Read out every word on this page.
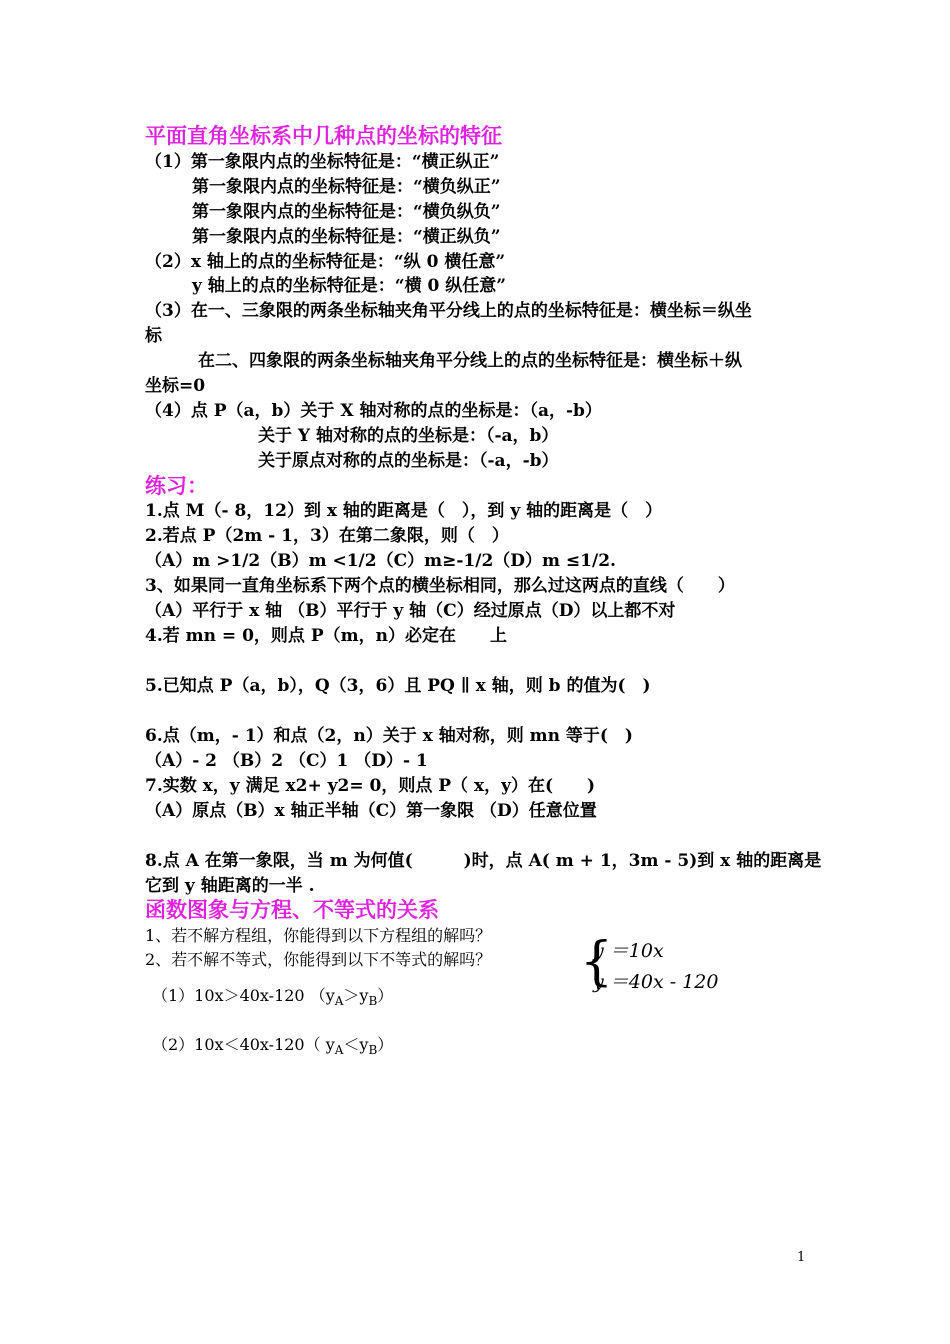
平面直角坐标系中几种点的坐标的特征
（1）第一象限内点的坐标特征是：“横正纵正”
第一象限内点的坐标特征是：“横负纵正”
第一象限内点的坐标特征是：“横负纵负”
第一象限内点的坐标特征是：“横正纵负”
（2）x 轴上的点的坐标特征是：“纵 0 横任意”
y 轴上的点的坐标特征是：“横 0 纵任意”
（3）在一、三象限的两条坐标轴夹角平分线上的点的坐标特征是：横坐标＝纵坐
标
在二、四象限的两条坐标轴夹角平分线上的点的坐标特征是：横坐标＋纵
坐标=0
（4）点 P（a，b）关于 X 轴对称的点的坐标是：（a，-b）
关于 Y 轴对称的点的坐标是：（-a，b）
关于原点对称的点的坐标是：（-a，-b）
练习：
1.点 M（- 8，12）到 x 轴的距离是（　），到 y 轴的距离是（　）
2.若点 P（2m - 1，3）在第二象限，则（　）
（A）m >1/2（B）m <1/2（C）m≥-1/2（D）m ≤1/2.
3、如果同一直角坐标系下两个点的横坐标相同，那么过这两点的直线（　　）
（A）平行于 x 轴 （B）平行于 y 轴（C）经过原点（D）以上都不对
4.若 mn = 0，则点 P（m，n）必定在　　上
5.已知点 P（a，b），Q（3，6）且 PQ ∥ x 轴，则 b 的值为(　)
6.点（m，- 1）和点（2，n）关于 x 轴对称，则 mn 等于(　)
（A）- 2 （B）2 （C）1 （D）- 1
7.实数 x，y 满足 x2+ y2= 0，则点 P（ x，y）在(　　)
（A）原点（B）x 轴正半轴（C）第一象限 （D）任意位置
8.点 A 在第一象限，当 m 为何值(　　　)时，点 A( m + 1，3m - 5)到 x 轴的距离是
它到 y 轴距离的一半 .
函数图象与方程、不等式的关系
1、若不解方程组，你能得到以下方程组的解吗？
2、若不解不等式，你能得到以下不等式的解吗？ {
y ＝10x
y ＝40x - 120
（1）10x＞40x-120 $(y_A>y_B)$
（2）10x＜40x-120（ $y_A<y_B$）
1
